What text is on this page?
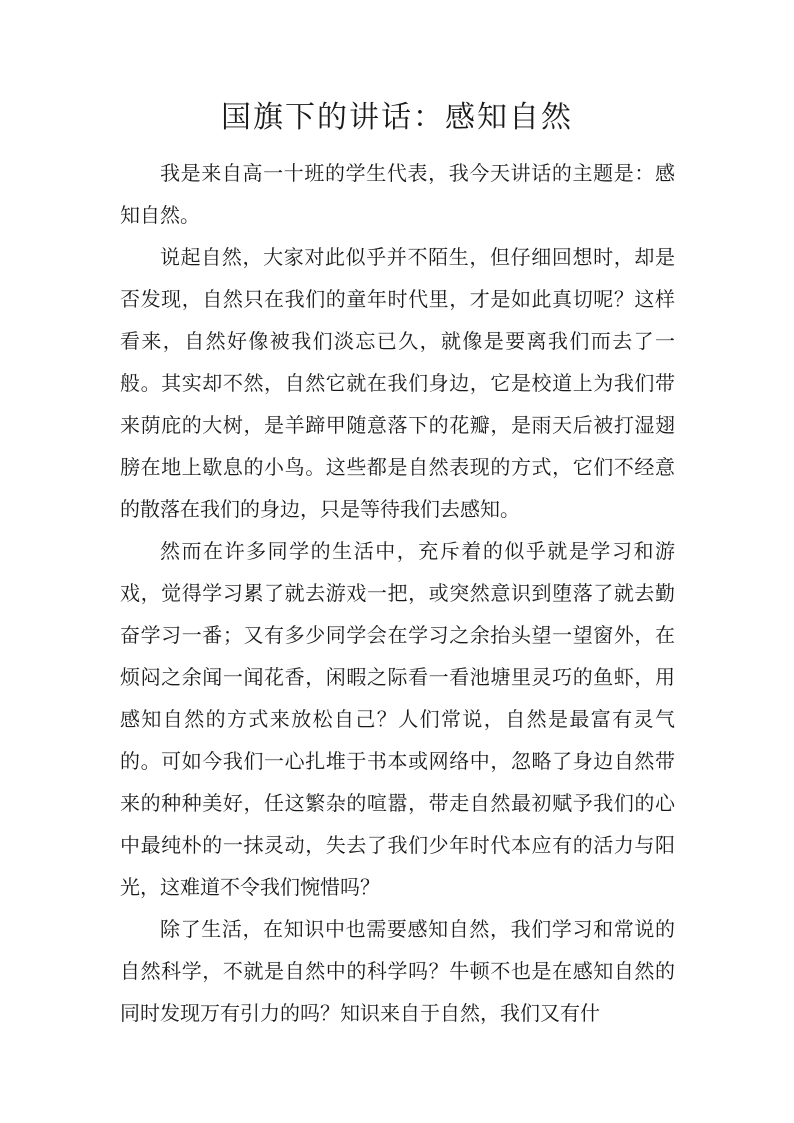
国旗下的讲话：感知自然

我是来自高一十班的学生代表，我今天讲话的主题是：感知自然。

说起自然，大家对此似乎并不陌生，但仔细回想时，却是否发现，自然只在我们的童年时代里，才是如此真切呢？这样看来，自然好像被我们淡忘已久，就像是要离我们而去了一般。其实却不然，自然它就在我们身边，它是校道上为我们带来荫庇的大树，是羊蹄甲随意落下的花瓣，是雨天后被打湿翅膀在地上歇息的小鸟。这些都是自然表现的方式，它们不经意的散落在我们的身边，只是等待我们去感知。

然而在许多同学的生活中，充斥着的似乎就是学习和游戏，觉得学习累了就去游戏一把，或突然意识到堕落了就去勤奋学习一番；又有多少同学会在学习之余抬头望一望窗外，在烦闷之余闻一闻花香，闲暇之际看一看池塘里灵巧的鱼虾，用感知自然的方式来放松自己？人们常说，自然是最富有灵气的。可如今我们一心扎堆于书本或网络中，忽略了身边自然带来的种种美好，任这繁杂的喧嚣，带走自然最初赋予我们的心中最纯朴的一抹灵动，失去了我们少年时代本应有的活力与阳光，这难道不令我们惋惜吗？

除了生活，在知识中也需要感知自然，我们学习和常说的自然科学，不就是自然中的科学吗？牛顿不也是在感知自然的同时发现万有引力的吗？知识来自于自然，我们又有什
